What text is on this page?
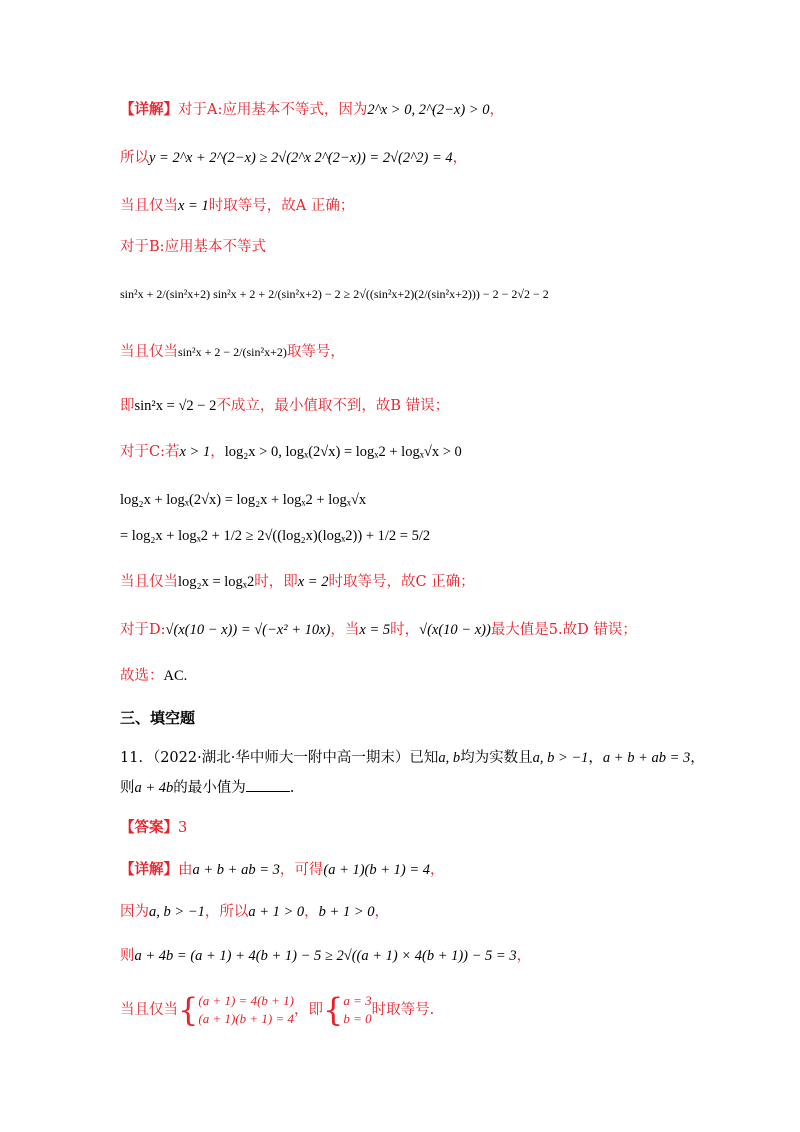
【详解】对于A:应用基本不等式，因为2^x > 0, 2^(2−x) > 0，
所以y = 2^x + 2^(2−x) ≥ 2√(2^x 2^(2−x)) = 2√(2^2) = 4，
当且仅当x = 1时取等号，故A 正确；
对于B:应用基本不等式
sin²x + 2/(sin²x+2) sin²x + 2 + 2/(sin²x+2) − 2 ≥ 2√((sin²x+2)(2/(sin²x+2))) − 2 − 2√2 − 2
当且仅当sin²x + 2 − 2/(sin²x+2)取等号，
即sin²x = √2 − 2不成立，最小值取不到，故B 错误；
对于C:若x > 1，log₂x > 0, logₓ(2√x) = logₓ2 + logₓ√x > 0
log₂x + logₓ(2√x) = log₂x + logₓ2 + logₓ√x
= log₂x + logₓ2 + 1/2 ≥ 2√((log₂x)(logₓ2)) + 1/2 = 5/2
当且仅当log₂x = logₓ2时，即x = 2时取等号，故C 正确；
对于D:√(x(10 − x)) = √(−x² + 10x)，当x = 5时，√(x(10 − x))最大值是5.故D 错误；
故选：AC.
三、填空题
11．（2022·湖北·华中师大一附中高一期末）已知a, b均为实数且a, b > −1，a + b + ab = 3，
则a + 4b的最小值为	.
【答案】3
【详解】由a + b + ab = 3，可得(a + 1)(b + 1) = 4，
因为a, b > −1，所以a + 1 > 0，b + 1 > 0，
则a + 4b = (a + 1) + 4(b + 1) − 5 ≥ 2√((a + 1) × 4(b + 1)) − 5 = 3，
当且仅当{ (a + 1) = 4(b + 1)
(a + 1)(b + 1) = 4
，即{ a = 3
b = 0
时取等号.
